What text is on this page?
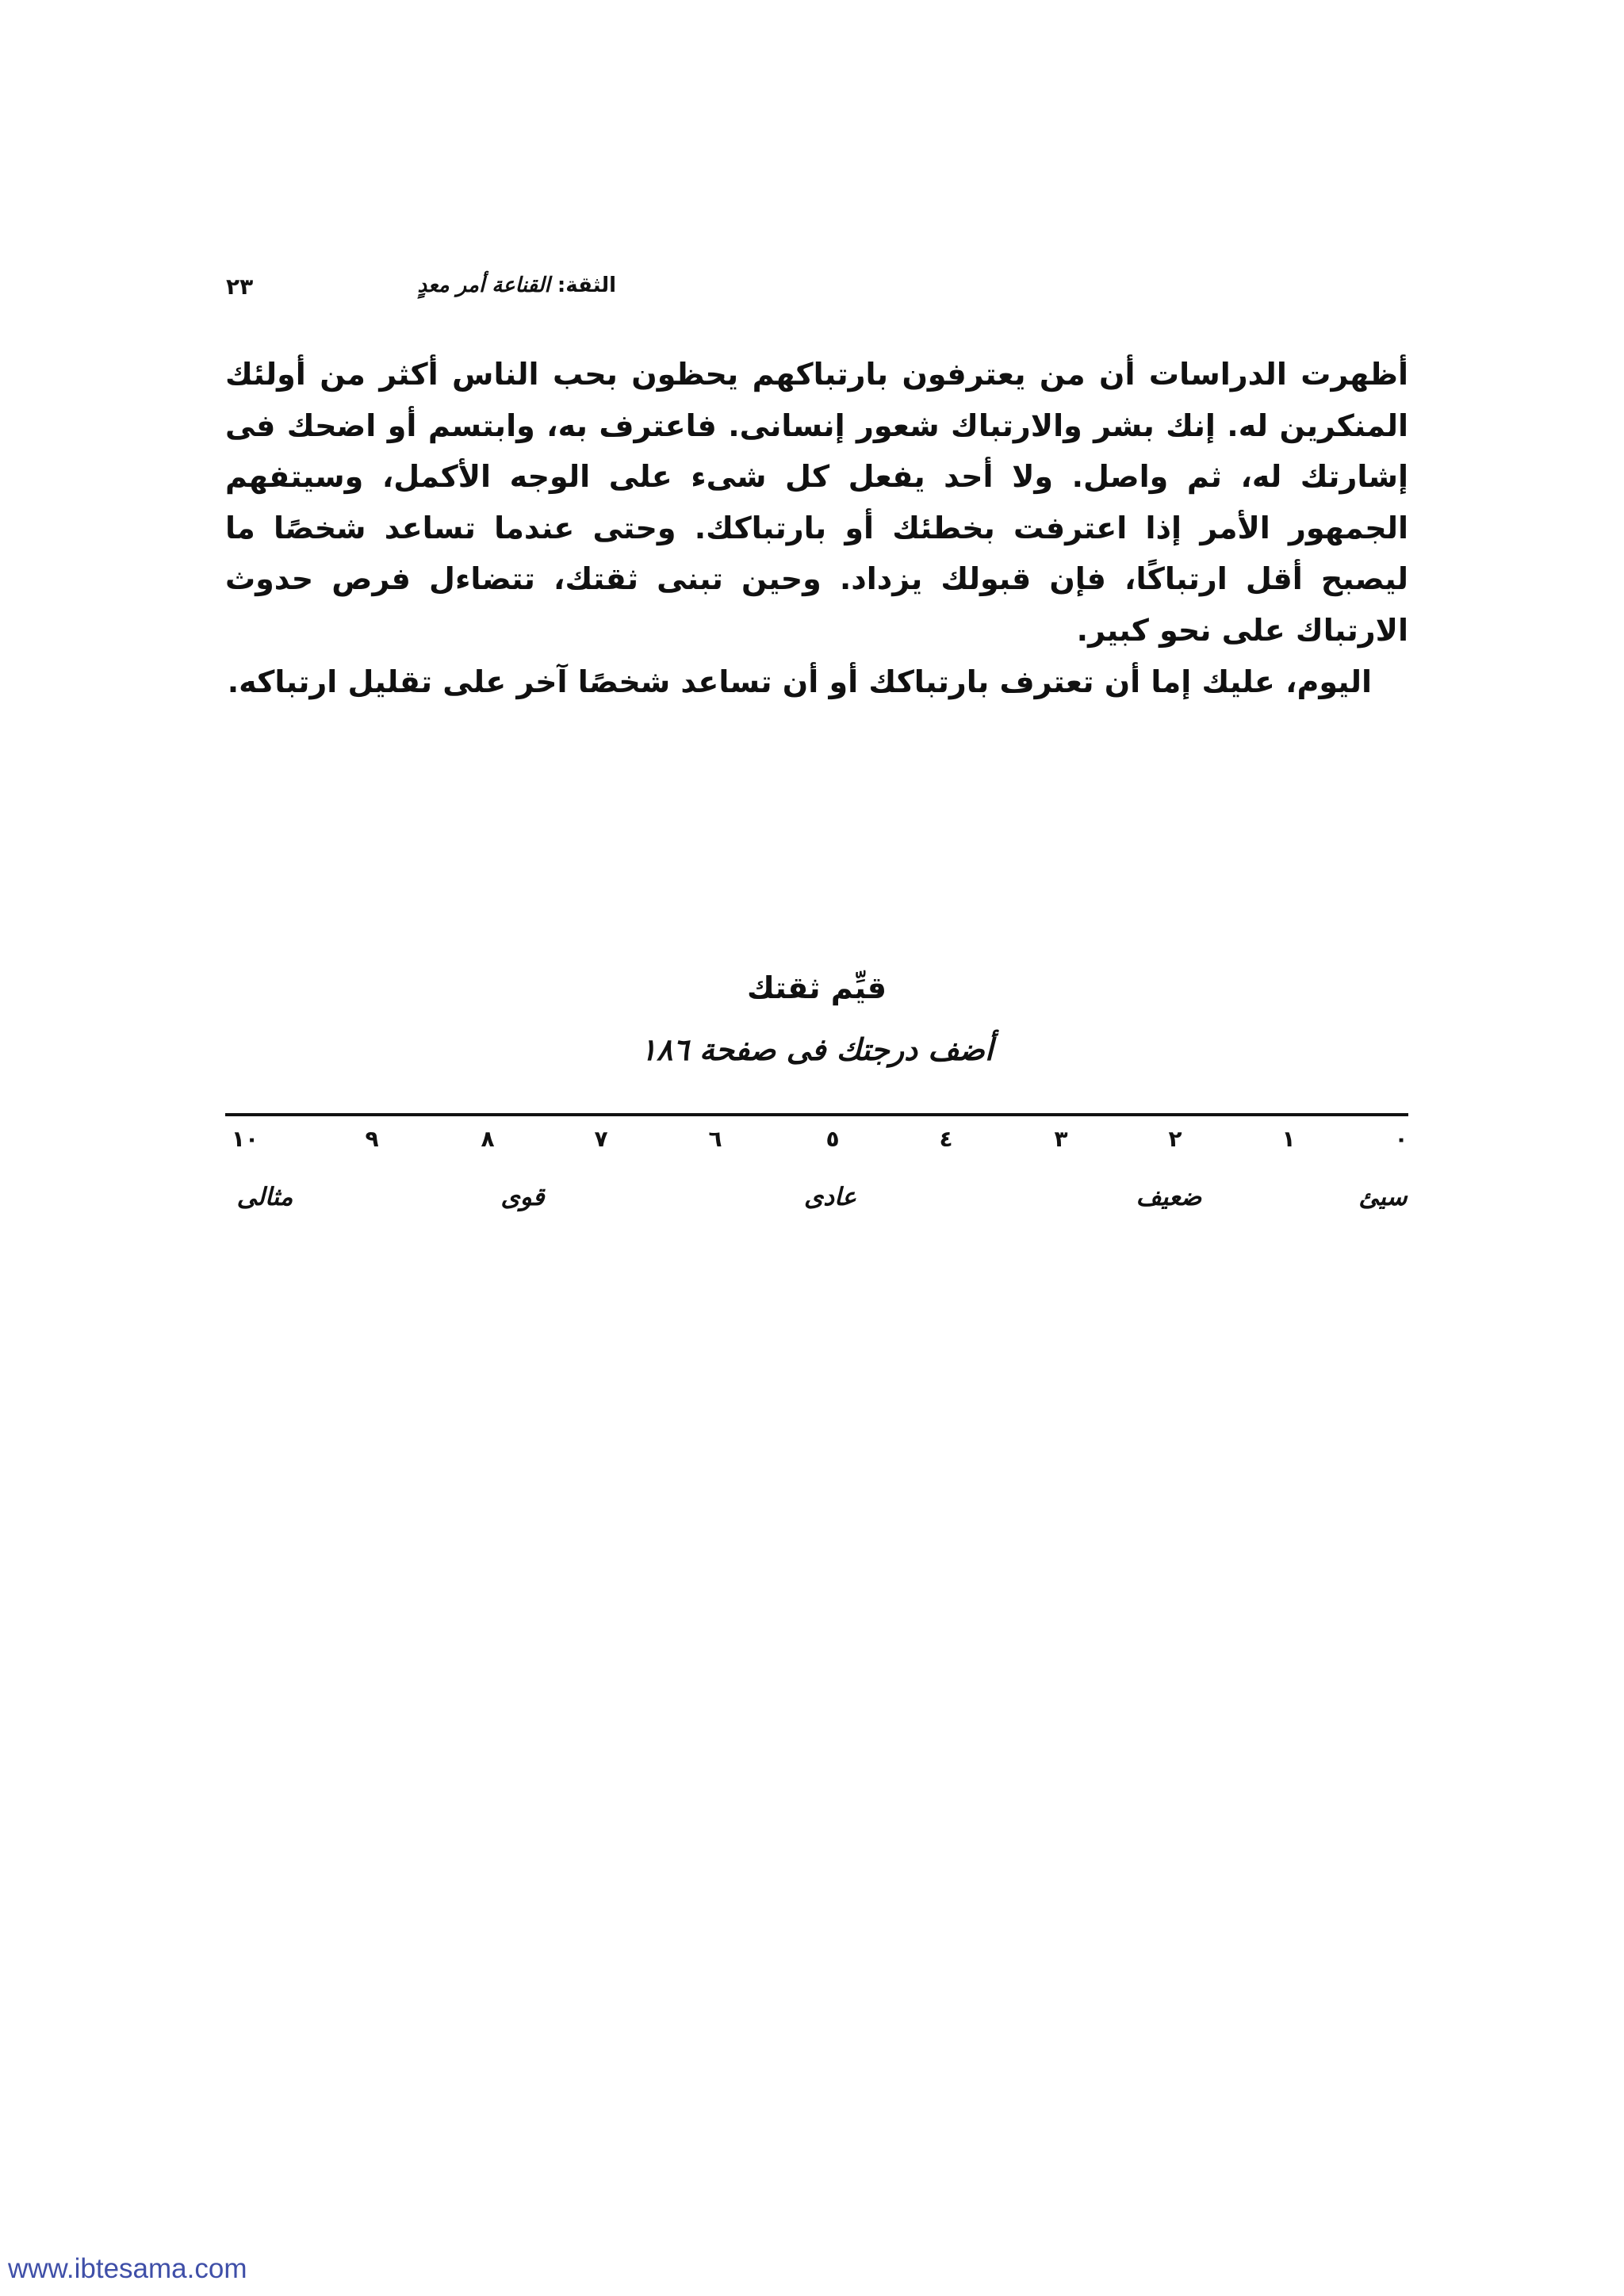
الثقة: القناعة أمر معدٍ
٢٣

أظهرت الدراسات أن من يعترفون بارتباكهم يحظون بحب الناس أكثر من أولئك المنكرين له. إنك بشر والارتباك شعور إنسانى. فاعترف به، وابتسم أو اضحك فى إشارتك له، ثم واصل. ولا أحد يفعل كل شىء على الوجه الأكمل، وسيتفهم الجمهور الأمر إذا اعترفت بخطئك أو بارتباكك. وحتى عندما تساعد شخصًا ما ليصبح أقل ارتباكًا، فإن قبولك يزداد. وحين تبنى ثقتك، تتضاءل فرص حدوث الارتباك على نحو كبير.

اليوم، عليك إما أن تعترف بارتباكك أو أن تساعد شخصًا آخر على تقليل ارتباكه.

قيِّم ثقتك
أضف درجتك فى صفحة ١٨٦
٠
١
٢
٣
٤
٥
٦
٧
٨
٩
١٠
سيئ
ضعيف
عادى
قوى
مثالى
www.ibtesama.com
